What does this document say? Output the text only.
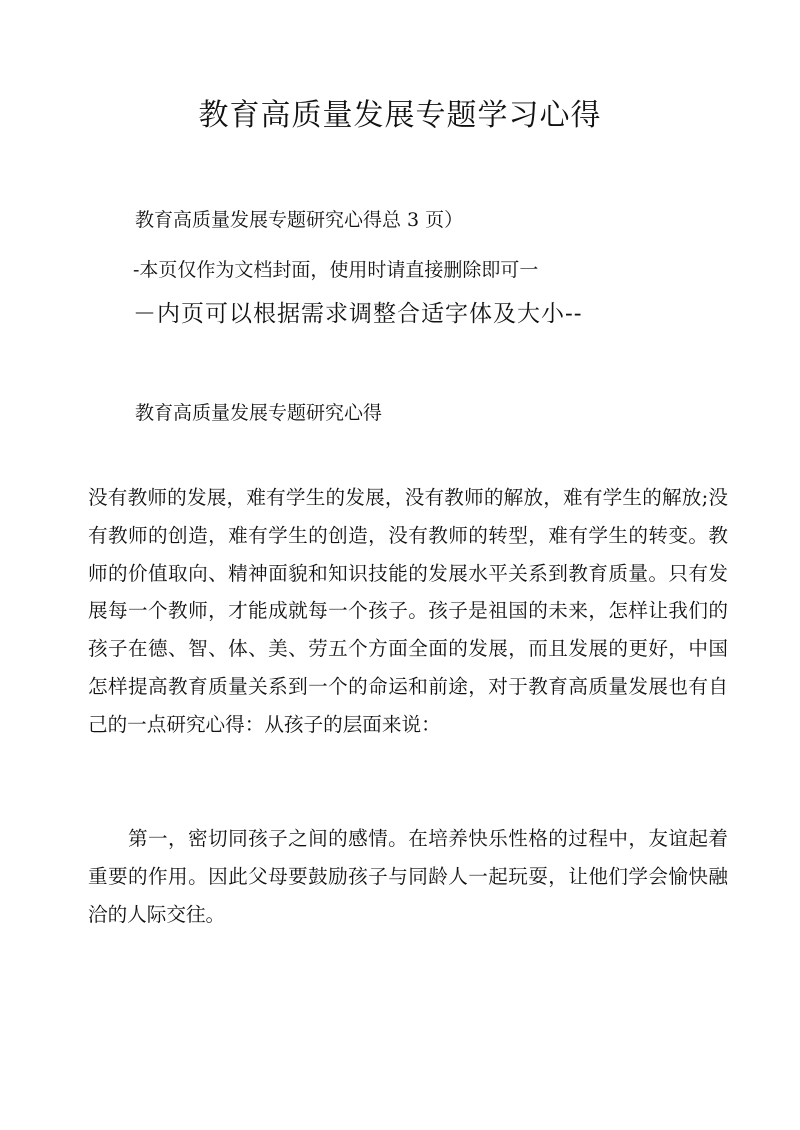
教育高质量发展专题学习心得
教育高质量发展专题研究心得总 3 页）
-本页仅作为文档封面，使用时请直接删除即可一
－内页可以根据需求调整合适字体及大小--
教育高质量发展专题研究心得

没有教师的发展，难有学生的发展，没有教师的解放，难有学生的解放;没有教师的创造，难有学生的创造，没有教师的转型，难有学生的转变。教师的价值取向、精神面貌和知识技能的发展水平关系到教育质量。只有发展每一个教师，才能成就每一个孩子。孩子是祖国的未来，怎样让我们的孩子在德、智、体、美、劳五个方面全面的发展，而且发展的更好，中国怎样提高教育质量关系到一个的命运和前途，对于教育高质量发展也有自己的一点研究心得：从孩子的层面来说：

第一，密切同孩子之间的感情。在培养快乐性格的过程中，友谊起着重要的作用。因此父母要鼓励孩子与同龄人一起玩耍，让他们学会愉快融洽的人际交往。
